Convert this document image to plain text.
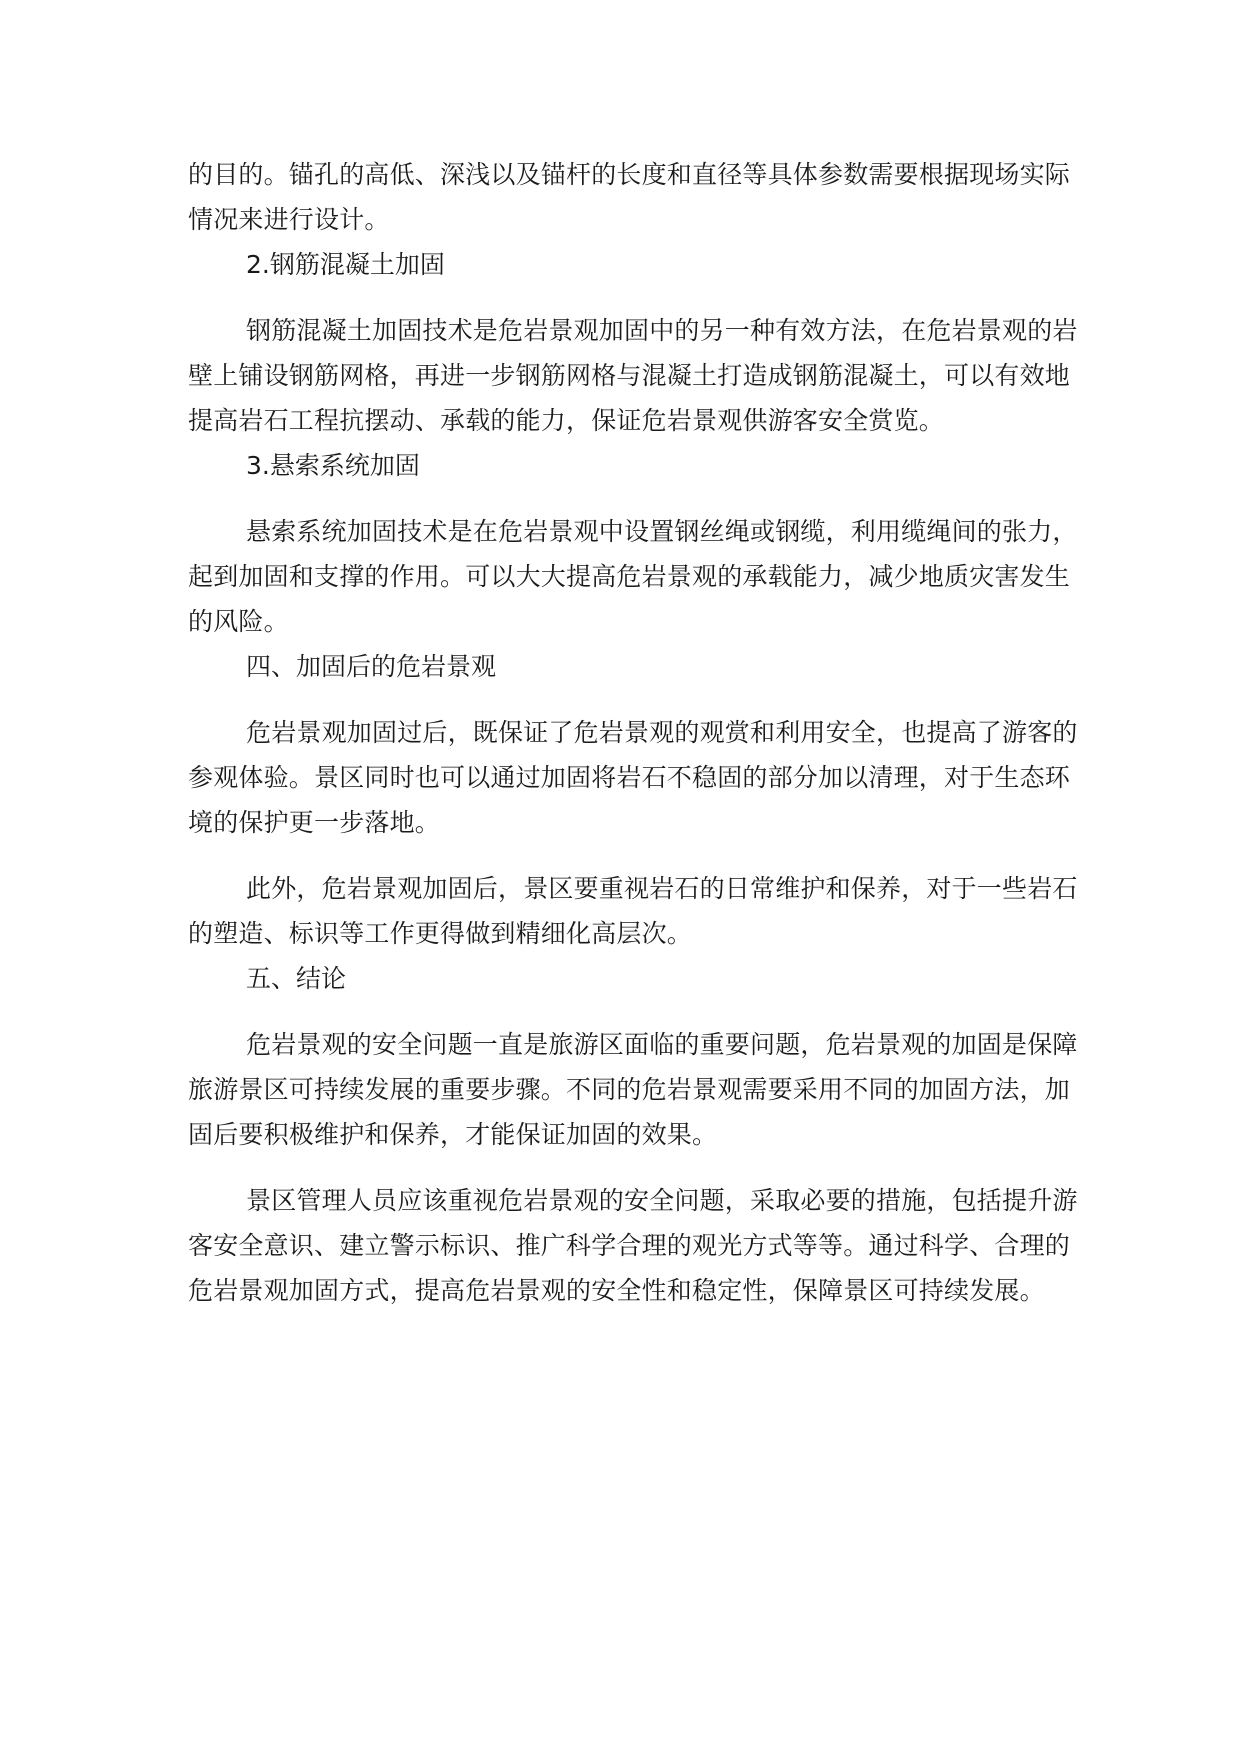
的目的。锚孔的高低、深浅以及锚杆的长度和直径等具体参数需要根据现场实际情况来进行设计。

2.钢筋混凝土加固

钢筋混凝土加固技术是危岩景观加固中的另一种有效方法，在危岩景观的岩壁上铺设钢筋网格，再进一步钢筋网格与混凝土打造成钢筋混凝土，可以有效地提高岩石工程抗摆动、承载的能力，保证危岩景观供游客安全赏览。

3.悬索系统加固

悬索系统加固技术是在危岩景观中设置钢丝绳或钢缆，利用缆绳间的张力，起到加固和支撑的作用。可以大大提高危岩景观的承载能力，减少地质灾害发生的风险。

四、加固后的危岩景观

危岩景观加固过后，既保证了危岩景观的观赏和利用安全，也提高了游客的参观体验。景区同时也可以通过加固将岩石不稳固的部分加以清理，对于生态环境的保护更一步落地。

此外，危岩景观加固后，景区要重视岩石的日常维护和保养，对于一些岩石的塑造、标识等工作更得做到精细化高层次。

五、结论

危岩景观的安全问题一直是旅游区面临的重要问题，危岩景观的加固是保障旅游景区可持续发展的重要步骤。不同的危岩景观需要采用不同的加固方法，加固后要积极维护和保养，才能保证加固的效果。

景区管理人员应该重视危岩景观的安全问题，采取必要的措施，包括提升游客安全意识、建立警示标识、推广科学合理的观光方式等等。通过科学、合理的危岩景观加固方式，提高危岩景观的安全性和稳定性，保障景区可持续发展。
